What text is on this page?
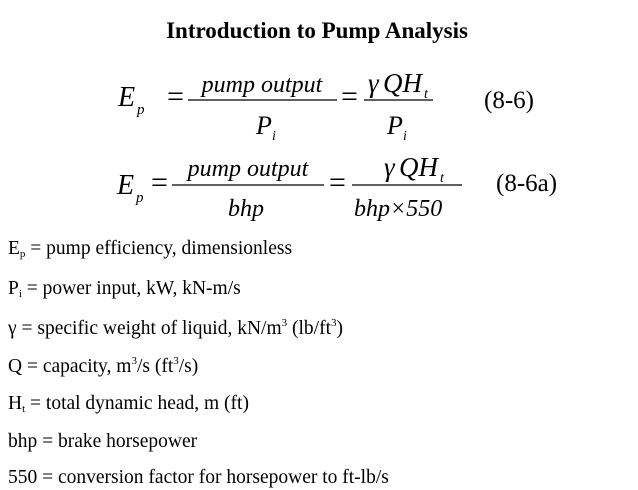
Introduction to Pump Analysis
E p = pump output
P i
= γ QH t
P i
(8-6)
E p = pump output
bhp
= γ QH t
bhp×550
(8-6a)
$E_p$ = pump efficiency, dimensionless
$P_i$ = power input, kW, kN-m/s
γ = specific weight of liquid, $kN/m^3$ $(lb/ft^3)$
Q = capacity, $m^3/s$ $(ft^3/s)$
$H_t$ = total dynamic head, m (ft)
bhp = brake horsepower
550 = conversion factor for horsepower to ft-lb/s
